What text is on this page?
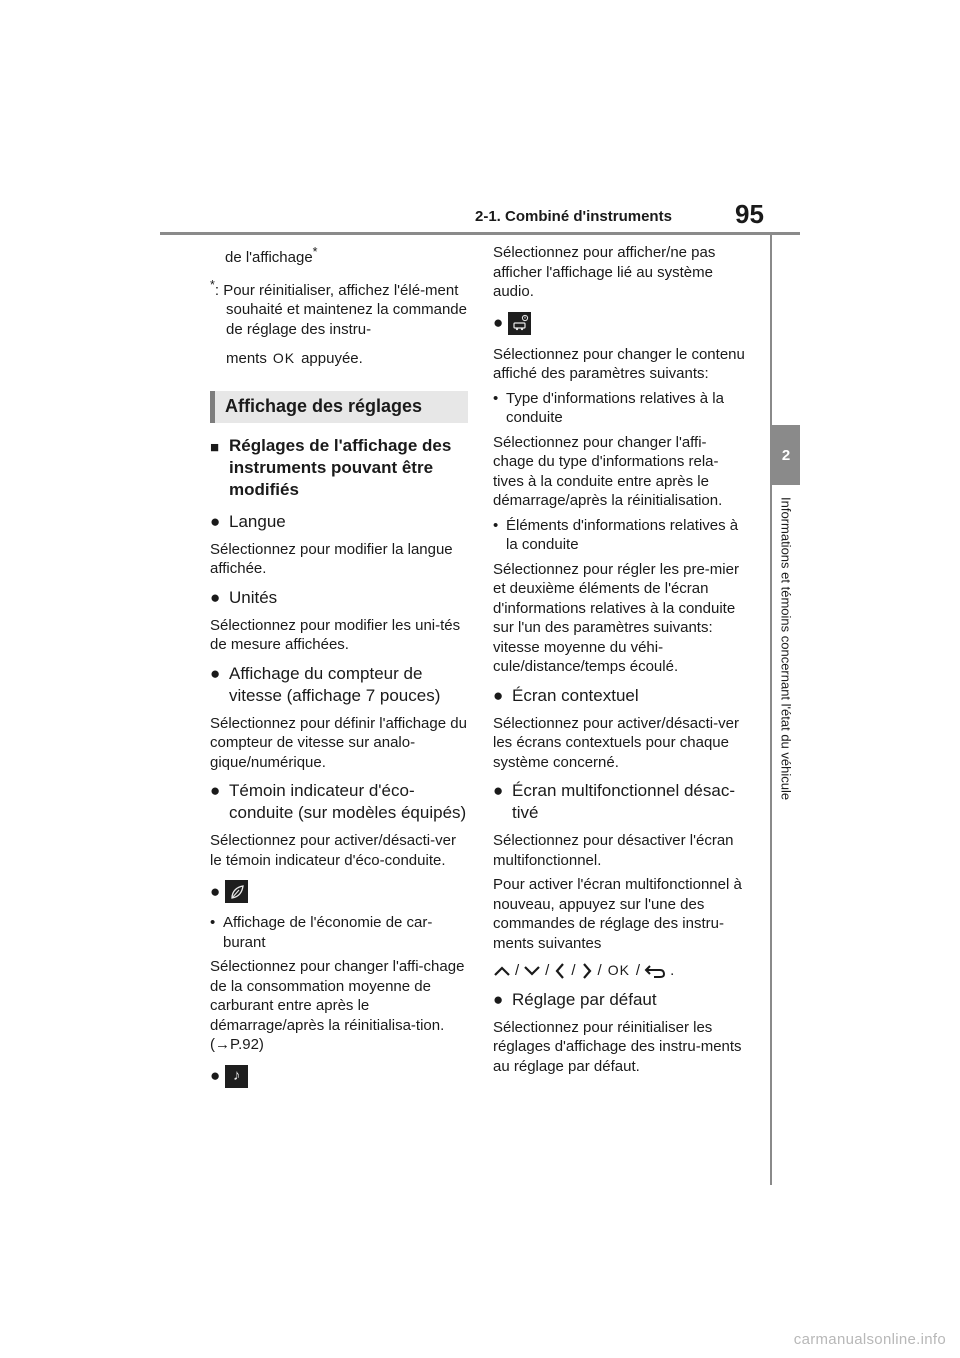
2-1. Combiné d'instruments 95
2
Informations et témoins concernant l'état du véhicule

de l'affichage*

*: Pour réinitialiser, affichez l'élé-ment souhaité et maintenez la commande de réglage des instru-

ments OK appuyée.

Affichage des réglages
■ Réglages de l'affichage des instruments pouvant être modifiés
● Langue

Sélectionnez pour modifier la langue affichée.

● Unités

Sélectionnez pour modifier les uni-tés de mesure affichées.

● Affichage du compteur de vitesse (affichage 7 pouces)

Sélectionnez pour définir l'affichage du compteur de vitesse sur analo-gique/numérique.

● Témoin indicateur d'éco-conduite (sur modèles équipés)

Sélectionnez pour activer/désacti-ver le témoin indicateur d'éco-conduite.

●

• Affichage de l'économie de car-burant

Sélectionnez pour changer l'affi-chage de la consommation moyenne de carburant entre après le démarrage/après la réinitialisa-tion. (→P.92)

● ♪

Sélectionnez pour afficher/ne pas afficher l'affichage lié au système audio.

●

Sélectionnez pour changer le contenu affiché des paramètres suivants:

• Type d'informations relatives à la conduite

Sélectionnez pour changer l'affi-chage du type d'informations rela-tives à la conduite entre après le démarrage/après la réinitialisation.

• Éléments d'informations relatives à la conduite

Sélectionnez pour régler les pre-mier et deuxième éléments de l'écran d'informations relatives à la conduite sur l'un des paramètres suivants: vitesse moyenne du véhi-cule/distance/temps écoulé.

● Écran contextuel

Sélectionnez pour activer/désacti-ver les écrans contextuels pour chaque système concerné.

● Écran multifonctionnel désac-tivé

Sélectionnez pour désactiver l'écran multifonctionnel.

Pour activer l'écran multifonctionnel à nouveau, appuyez sur l'une des commandes de réglage des instru-ments suivantes

/ / / / OK / .
● Réglage par défaut

Sélectionnez pour réinitialiser les réglages d'affichage des instru-ments au réglage par défaut.

carmanualsonline.info
